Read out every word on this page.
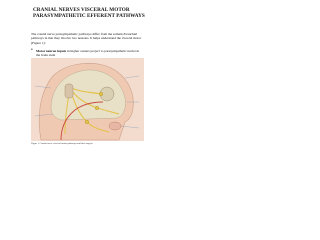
CRANIAL NERVES VISCERAL MOTOR
PARASYMPATHETIC EFFERENT PATHWAYS
The cranial nerve parasympathetic pathways differ from the somatic/branchial pathways in that they involve two neurons. It helps understand the visceral motor (Figure 1):
• Motor neuron inputs in higher centers project to parasympathetic nuclei in the brain stem
Figure 1 Cranial nerve visceral motor pathways and their targets
